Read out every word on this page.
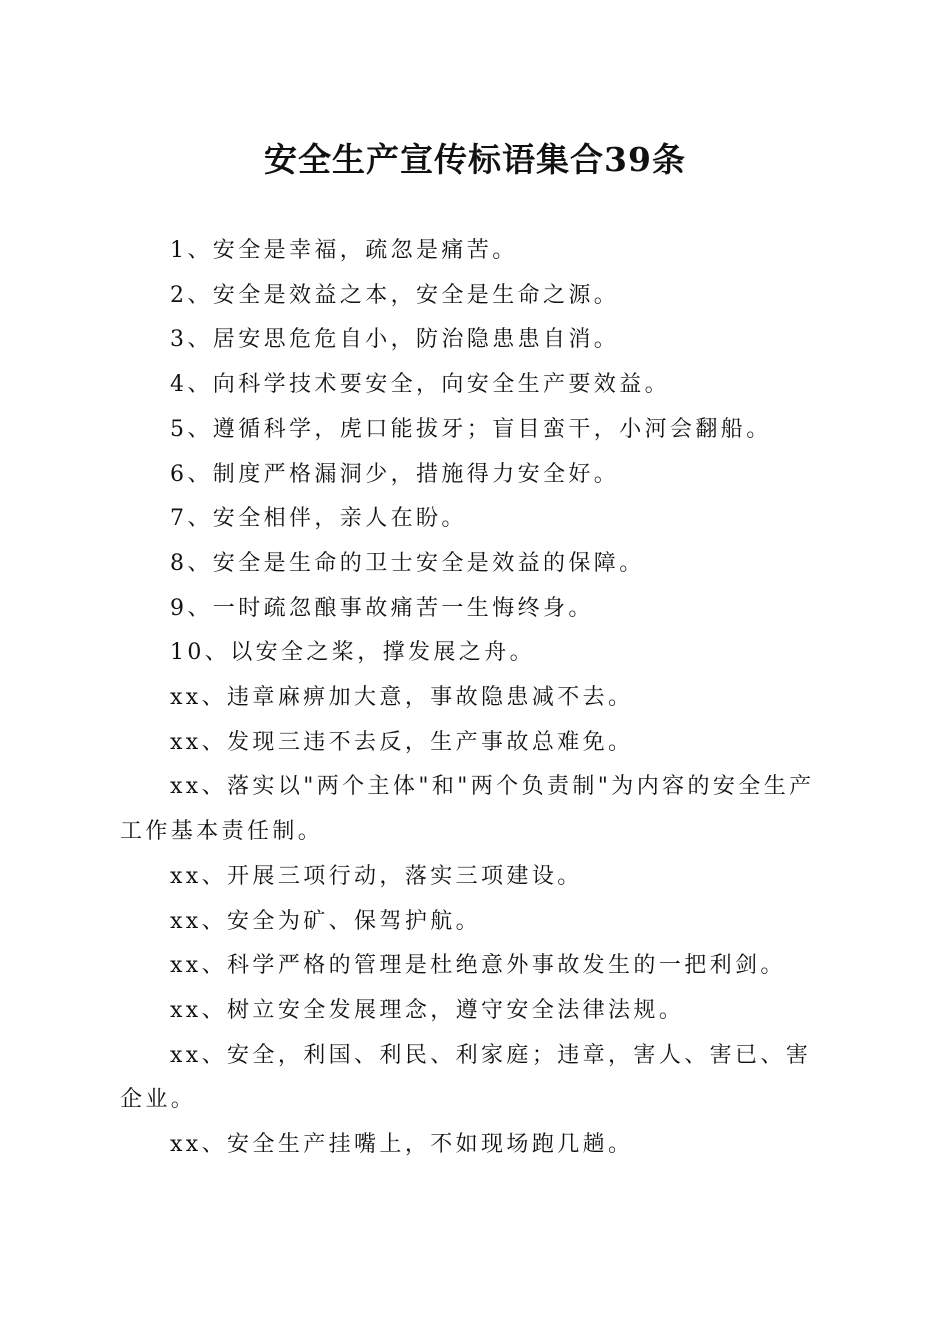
安全生产宣传标语集合39条

1、安全是幸福，疏忽是痛苦。

2、安全是效益之本，安全是生命之源。

3、居安思危危自小，防治隐患患自消。

4、向科学技术要安全，向安全生产要效益。

5、遵循科学，虎口能拔牙；盲目蛮干，小河会翻船。

6、制度严格漏洞少，措施得力安全好。

7、安全相伴，亲人在盼。

8、安全是生命的卫士安全是效益的保障。

9、一时疏忽酿事故痛苦一生悔终身。

10、以安全之桨，撑发展之舟。

xx、违章麻痹加大意，事故隐患减不去。

xx、发现三违不去反，生产事故总难免。

xx、落实以"两个主体"和"两个负责制"为内容的安全生产工作基本责任制。

xx、开展三项行动，落实三项建设。

xx、安全为矿、保驾护航。

xx、科学严格的管理是杜绝意外事故发生的一把利剑。

xx、树立安全发展理念，遵守安全法律法规。

xx、安全，利国、利民、利家庭；违章，害人、害已、害企业。

xx、安全生产挂嘴上，不如现场跑几趟。
